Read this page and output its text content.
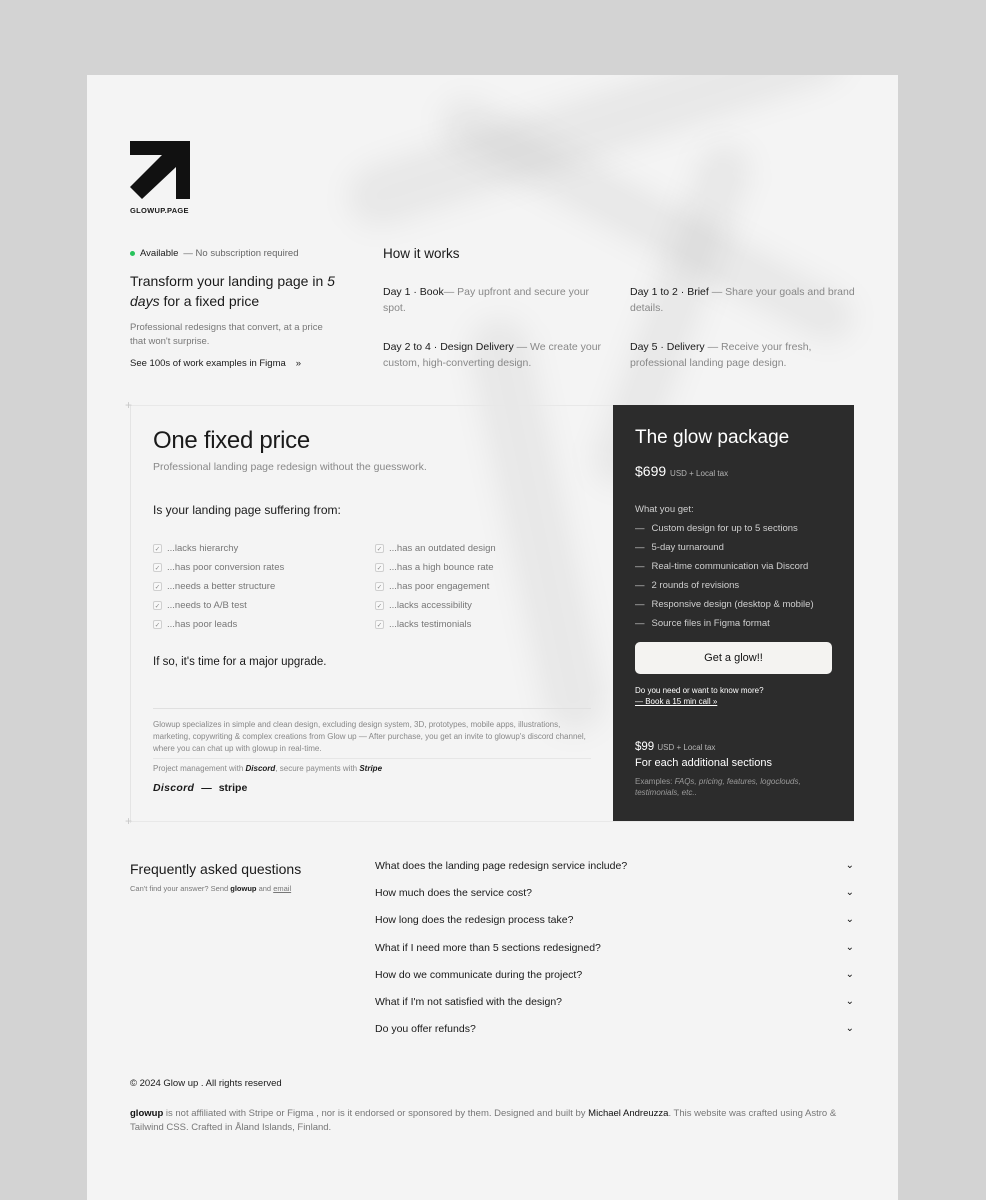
GLOWUP.PAGE
Available — No subscription required
Transform your landing page in 5 days for a fixed price
Professional redesigns that convert, at a price that won't surprise.
See 100s of work examples in Figma »
How it works
Day 1 · Book— Pay upfront and secure your spot.
Day 1 to 2 · Brief — Share your goals and brand details.
Day 2 to 4 · Design Delivery — We create your custom, high-converting design.
Day 5 · Delivery — Receive your fresh, professional landing page design.
+
+
One fixed price
Professional landing page redesign without the guesswork.
Is your landing page suffering from:
✓ ...lacks hierarchy
✓ ...has poor conversion rates
✓ ...needs a better structure
✓ ...needs to A/B test
✓ ...has poor leads
✓ ...has an outdated design
✓ ...has a high bounce rate
✓ ...has poor engagement
✓ ...lacks accessibility
✓ ...lacks testimonials
If so, it's time for a major upgrade.
Glowup specializes in simple and clean design, excluding design system, 3D, prototypes, mobile apps, illustrations, marketing, copywriting & complex creations from Glow up — After purchase, you get an invite to glowup's discord channel, where you can chat up with glowup in real-time.
Project management with Discord, secure payments with Stripe
Discord — stripe
The glow package
$699 USD + Local tax
What you get:
— Custom design for up to 5 sections
— 5-day turnaround
— Real-time communication via Discord
— 2 rounds of revisions
— Responsive design (desktop & mobile)
— Source files in Figma format
Get a glow!!
Do you need or want to know more?
— Book a 15 min call »
$99 USD + Local tax
For each additional sections
Examples: FAQs, pricing, features, logoclouds, testimonials, etc..
Frequently asked questions
Can't find your answer? Send glowup and email
What does the landing page redesign service include?	⌄
How much does the service cost?	⌄
How long does the redesign process take?	⌄
What if I need more than 5 sections redesigned?	⌄
How do we communicate during the project?	⌄
What if I'm not satisfied with the design?	⌄
Do you offer refunds?	⌄
© 2024 Glow up . All rights reserved
glowup is not affiliated with Stripe or Figma , nor is it endorsed or sponsored by them. Designed and built by Michael Andreuzza. This website was crafted using Astro & Tailwind CSS. Crafted in Åland Islands, Finland.
